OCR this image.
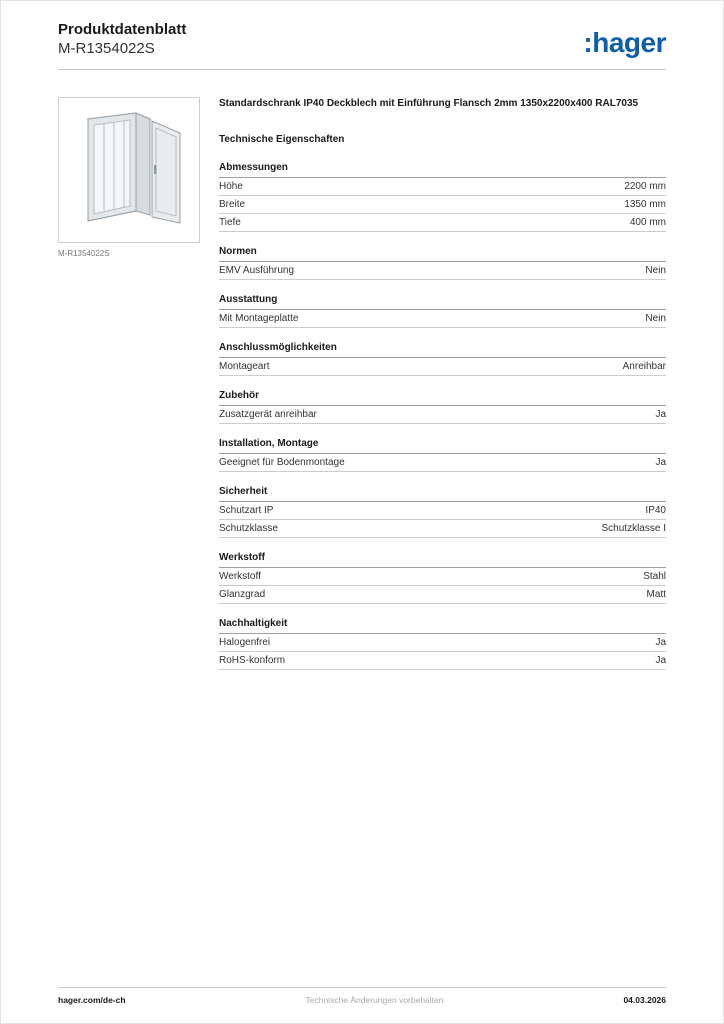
Produktdatenblatt
M-R1354022S	:hager
M-R1354022S
Standardschrank IP40 Deckblech mit Einführung Flansch 2mm 1350x2200x400 RAL7035
Technische Eigenschaften
Abmessungen
Höhe	2200 mm
Breite	1350 mm
Tiefe	400 mm
Normen
EMV Ausführung	Nein
Ausstattung
Mit Montageplatte	Nein
Anschlussmöglichkeiten
Montageart	Anreihbar
Zubehör
Zusatzgerät anreihbar	Ja
Installation, Montage
Geeignet für Bodenmontage	Ja
Sicherheit
Schutzart IP	IP40
Schutzklasse	Schutzklasse I
Werkstoff
Werkstoff	Stahl
Glanzgrad	Matt
Nachhaltigkeit
Halogenfrei	Ja
RoHS-konform	Ja
hager.com/de-ch	Technische Änderungen vorbehalten	04.03.2026
